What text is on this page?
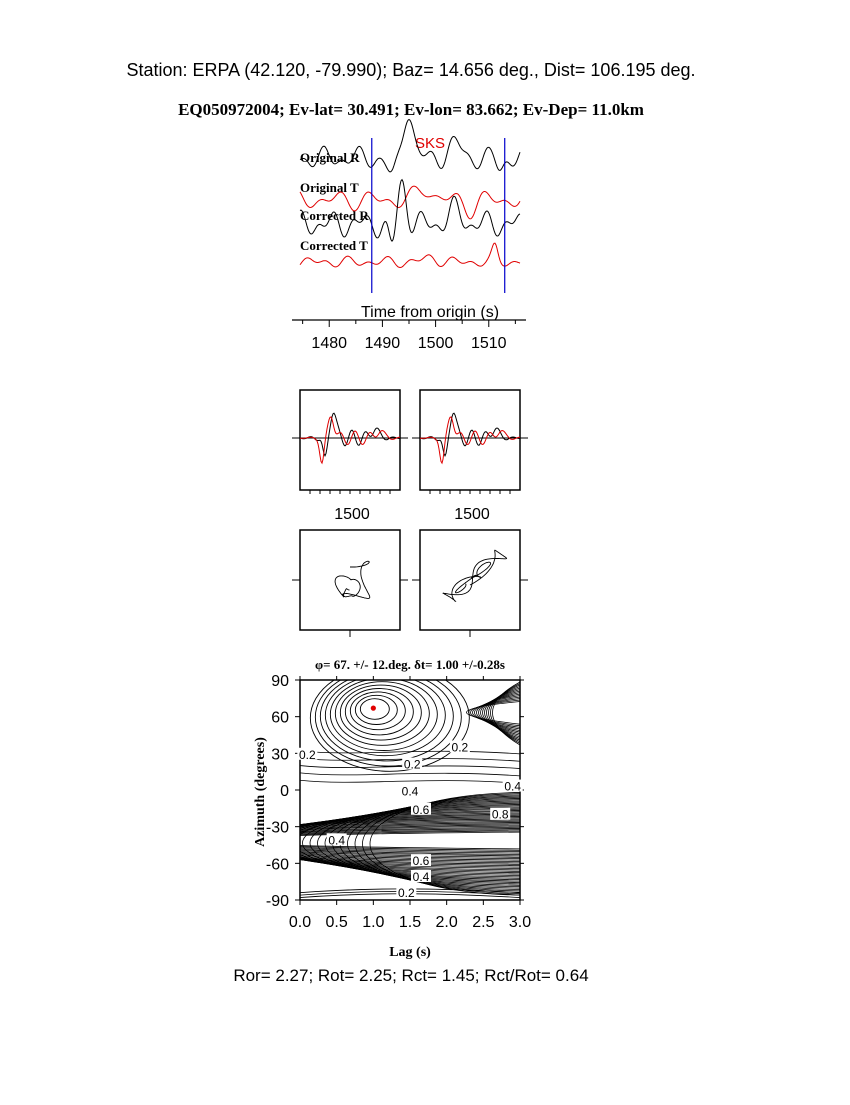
Station: ERPA (42.120, -79.990); Baz= 14.656 deg., Dist= 106.195 deg.
EQ050972004; Ev-lat= 30.491; Ev-lon= 83.662; Ev-Dep= 11.0km
SKS
Original R
Original T
Corrected R
Corrected T
Time from origin (s)
1480 1490 1500 1510
1500	1500
φ= 67. +/- 12.deg. δt= 1.00 +/-0.28s
0.0 0.5 1.0 1.5 2.0 2.5 3.0
-90
-60
-30
0
30
60
90
0.2
0.2
0.2
0.4	0.4
0.6	0.8
0.4
0.6
0.4
0.2
Lag (s)
Azimuth (degrees)
Ror= 2.27; Rot= 2.25; Rct= 1.45; Rct/Rot= 0.64
